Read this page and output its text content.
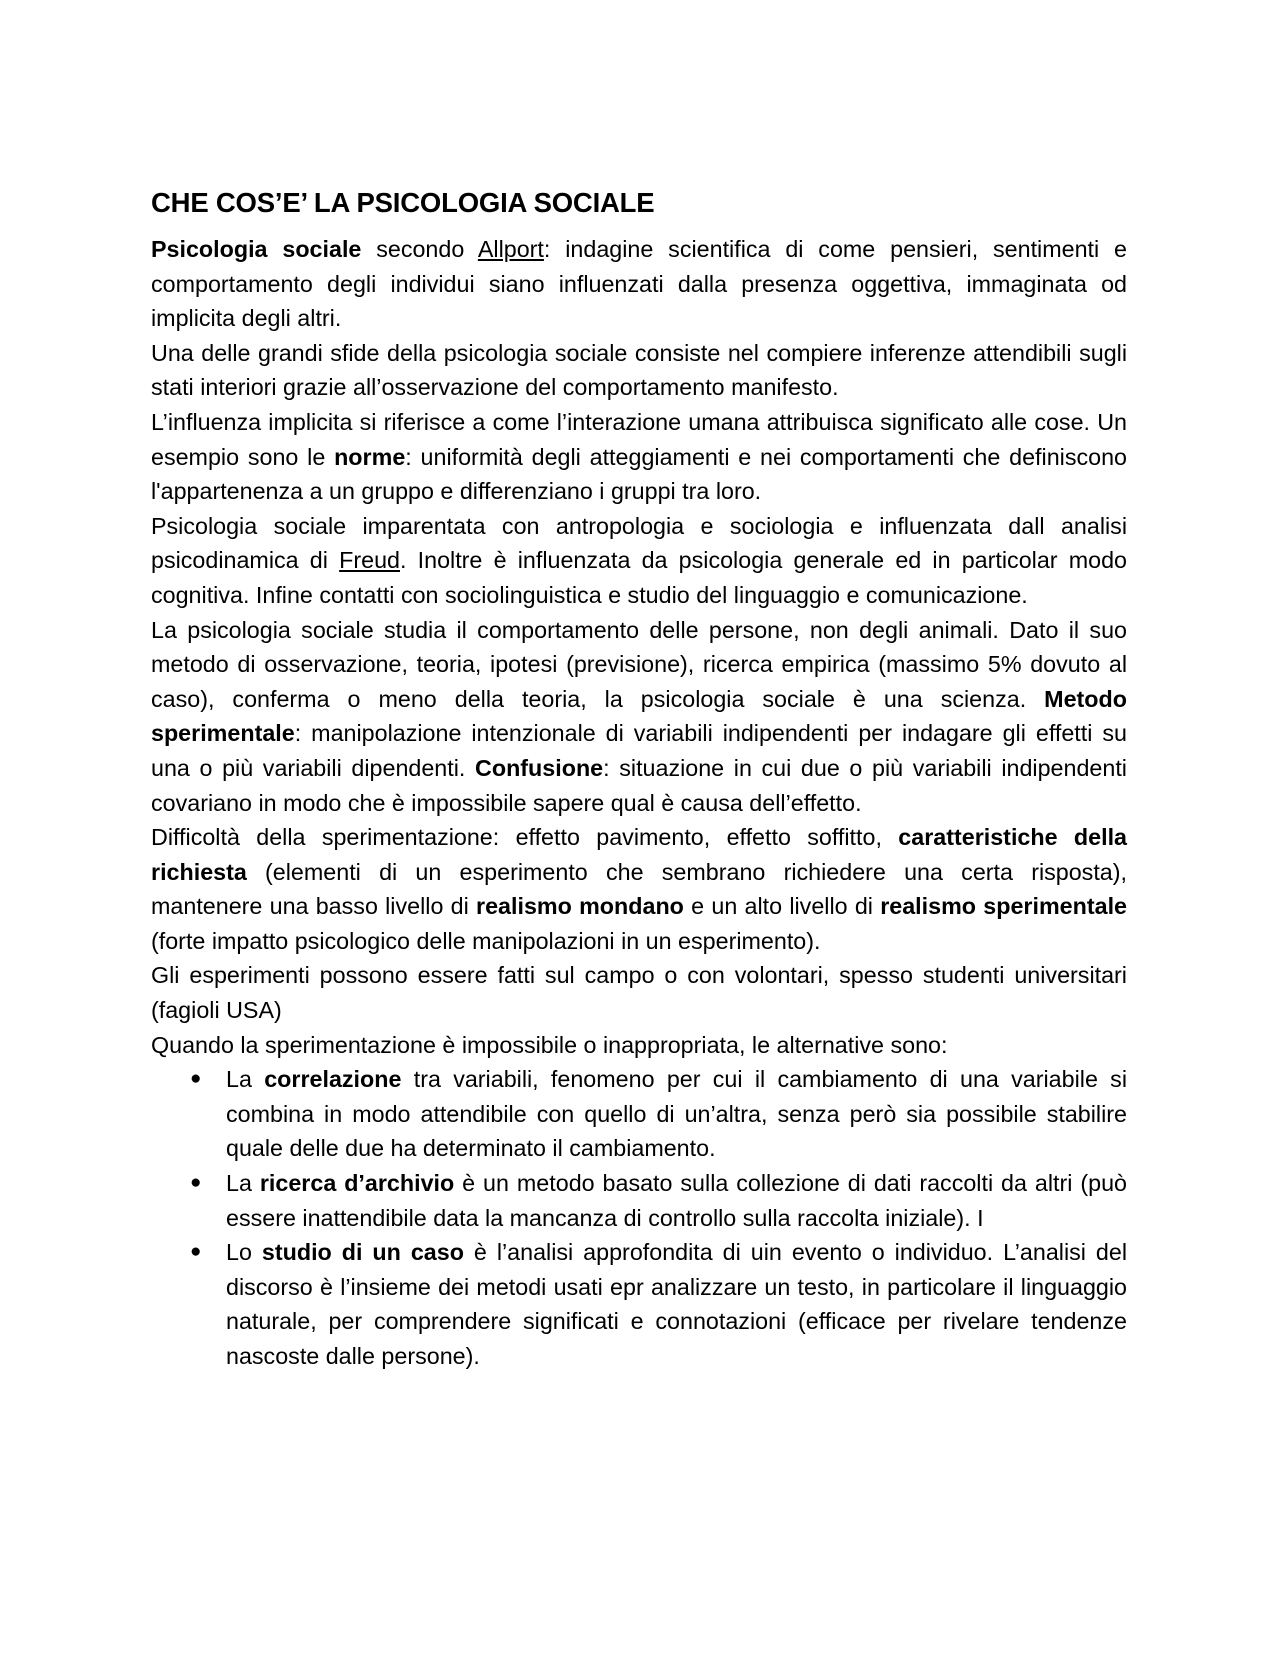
CHE COS’E’ LA PSICOLOGIA SOCIALE

Psicologia sociale secondo Allport: indagine scientifica di come pensieri, sentimenti e comportamento degli individui siano influenzati dalla presenza oggettiva, immaginata od implicita degli altri.

Una delle grandi sfide della psicologia sociale consiste nel compiere inferenze attendibili sugli stati interiori grazie all’osservazione del comportamento manifesto.

L’influenza implicita si riferisce a come l’interazione umana attribuisca significato alle cose. Un esempio sono le norme: uniformità degli atteggiamenti e nei comportamenti che definiscono l'appartenenza a un gruppo e differenziano i gruppi tra loro.

Psicologia sociale imparentata con antropologia e sociologia e influenzata dall analisi psicodinamica di Freud. Inoltre è influenzata da psicologia generale ed in particolar modo cognitiva. Infine contatti con sociolinguistica e studio del linguaggio e comunicazione.

La psicologia sociale studia il comportamento delle persone, non degli animali. Dato il suo metodo di osservazione, teoria, ipotesi (previsione), ricerca empirica (massimo 5% dovuto al caso), conferma o meno della teoria, la psicologia sociale è una scienza. Metodo sperimentale: manipolazione intenzionale di variabili indipendenti per indagare gli effetti su una o più variabili dipendenti. Confusione: situazione in cui due o più variabili indipendenti covariano in modo che è impossibile sapere qual è causa dell’effetto.

Difficoltà della sperimentazione: effetto pavimento, effetto soffitto, caratteristiche della richiesta (elementi di un esperimento che sembrano richiedere una certa risposta), mantenere una basso livello di realismo mondano e un alto livello di realismo sperimentale (forte impatto psicologico delle manipolazioni in un esperimento).

Gli esperimenti possono essere fatti sul campo o con volontari, spesso studenti universitari (fagioli USA)

Quando la sperimentazione è impossibile o inappropriata, le alternative sono:

● La correlazione tra variabili, fenomeno per cui il cambiamento di una variabile si combina in modo attendibile con quello di un’altra, senza però sia possibile stabilire quale delle due ha determinato il cambiamento.
● La ricerca d’archivio è un metodo basato sulla collezione di dati raccolti da altri (può essere inattendibile data la mancanza di controllo sulla raccolta iniziale). I
● Lo studio di un caso è l’analisi approfondita di uin evento o individuo. L’analisi del discorso è l’insieme dei metodi usati epr analizzare un testo, in particolare il linguaggio naturale, per comprendere significati e connotazioni (efficace per rivelare tendenze nascoste dalle persone).
